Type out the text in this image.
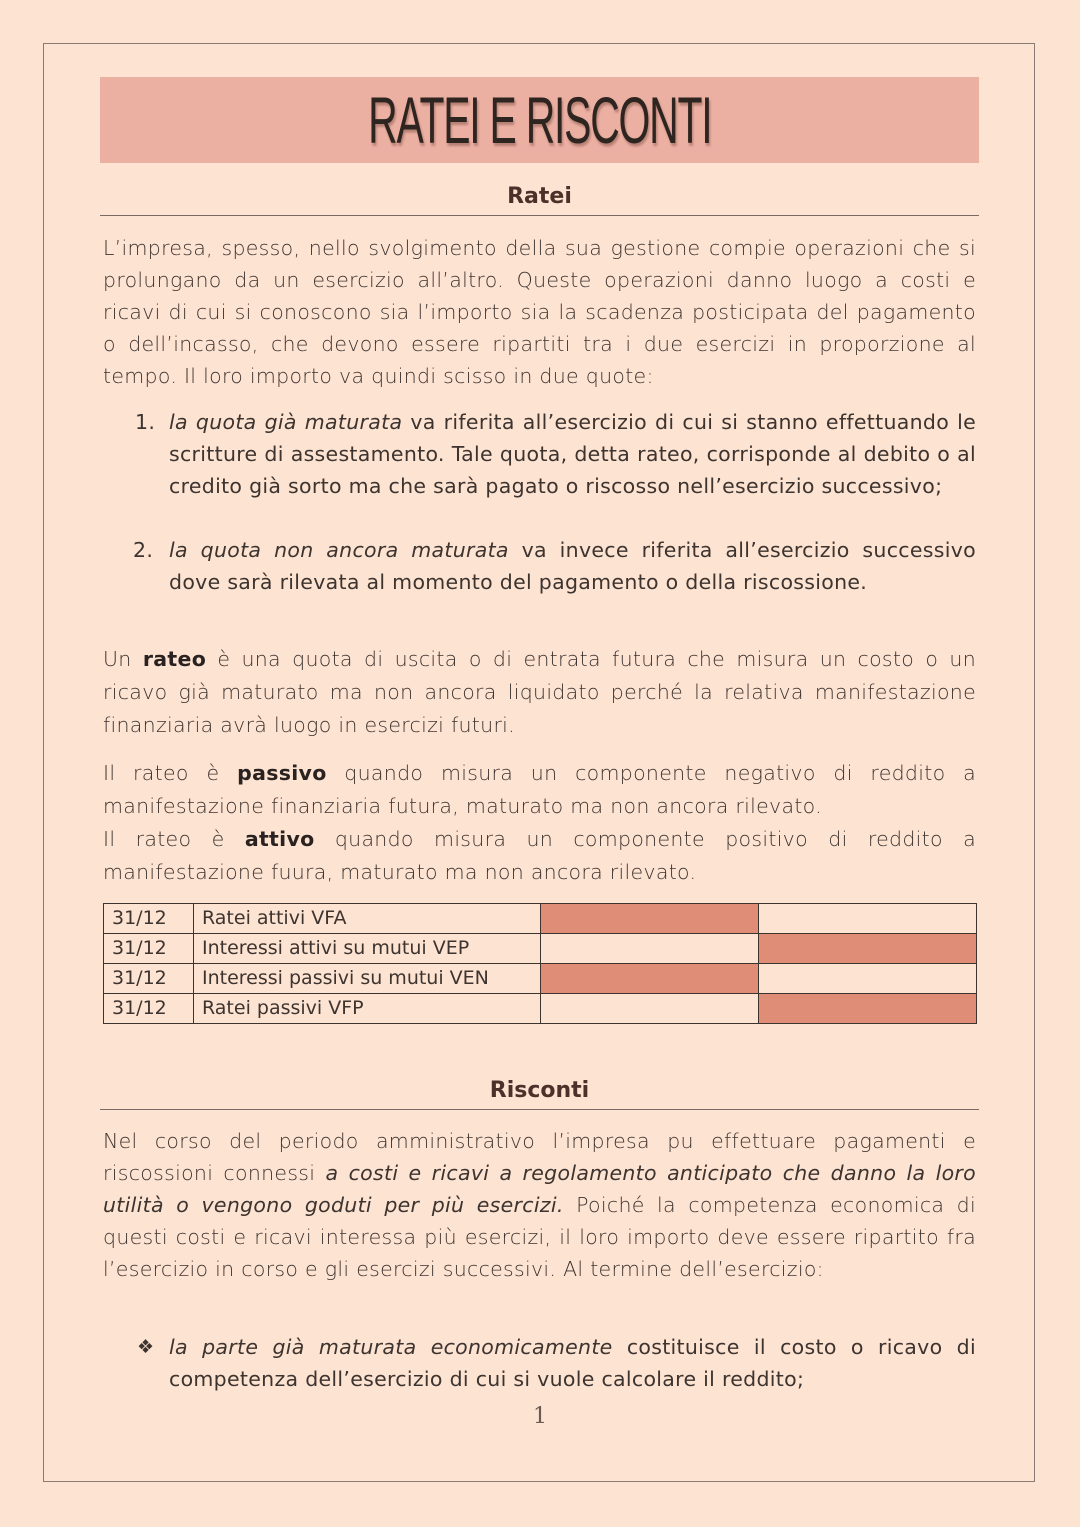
RATEI E RISCONTI
Ratei

L’impresa, spesso, nello svolgimento della sua gestione compie operazioni che si prolungano da un esercizio all’altro. Queste operazioni danno luogo a costi e ricavi di cui si conoscono sia l’importo sia la scadenza posticipata del pagamento o dell’incasso, che devono essere ripartiti tra i due esercizi in proporzione al tempo. Il loro importo va quindi scisso in due quote:

1. la quota già maturata va riferita all’esercizio di cui si stanno effettuando le scritture di assestamento. Tale quota, detta rateo, corrisponde al debito o al credito già sorto ma che sarà pagato o riscosso nell’esercizio successivo;
2. la quota non ancora maturata va invece riferita all’esercizio successivo dove sarà rilevata al momento del pagamento o della riscossione.

Un rateo è una quota di uscita o di entrata futura che misura un costo o un ricavo già maturato ma non ancora liquidato perché la relativa manifestazione finanziaria avrà luogo in esercizi futuri.

Il rateo è passivo quando misura un componente negativo di reddito a manifestazione finanziaria futura, maturato ma non ancora rilevato.

Il rateo è attivo quando misura un componente positivo di reddito a manifestazione fuura, maturato ma non ancora rilevato.

31/12	Ratei attivi VFA		
31/12	Interessi attivi su mutui VEP		
31/12	Interessi passivi su mutui VEN		
31/12	Ratei passivi VFP		
Risconti

Nel corso del periodo amministrativo l’impresa pu effettuare pagamenti e riscossioni connessi a costi e ricavi a regolamento anticipato che danno la loro utilità o vengono goduti per più esercizi. Poiché la competenza economica di questi costi e ricavi interessa più esercizi, il loro importo deve essere ripartito fra l’esercizio in corso e gli esercizi successivi. Al termine dell’esercizio:

❖ la parte già maturata economicamente costituisce il costo o ricavo di competenza dell’esercizio di cui si vuole calcolare il reddito;
1
